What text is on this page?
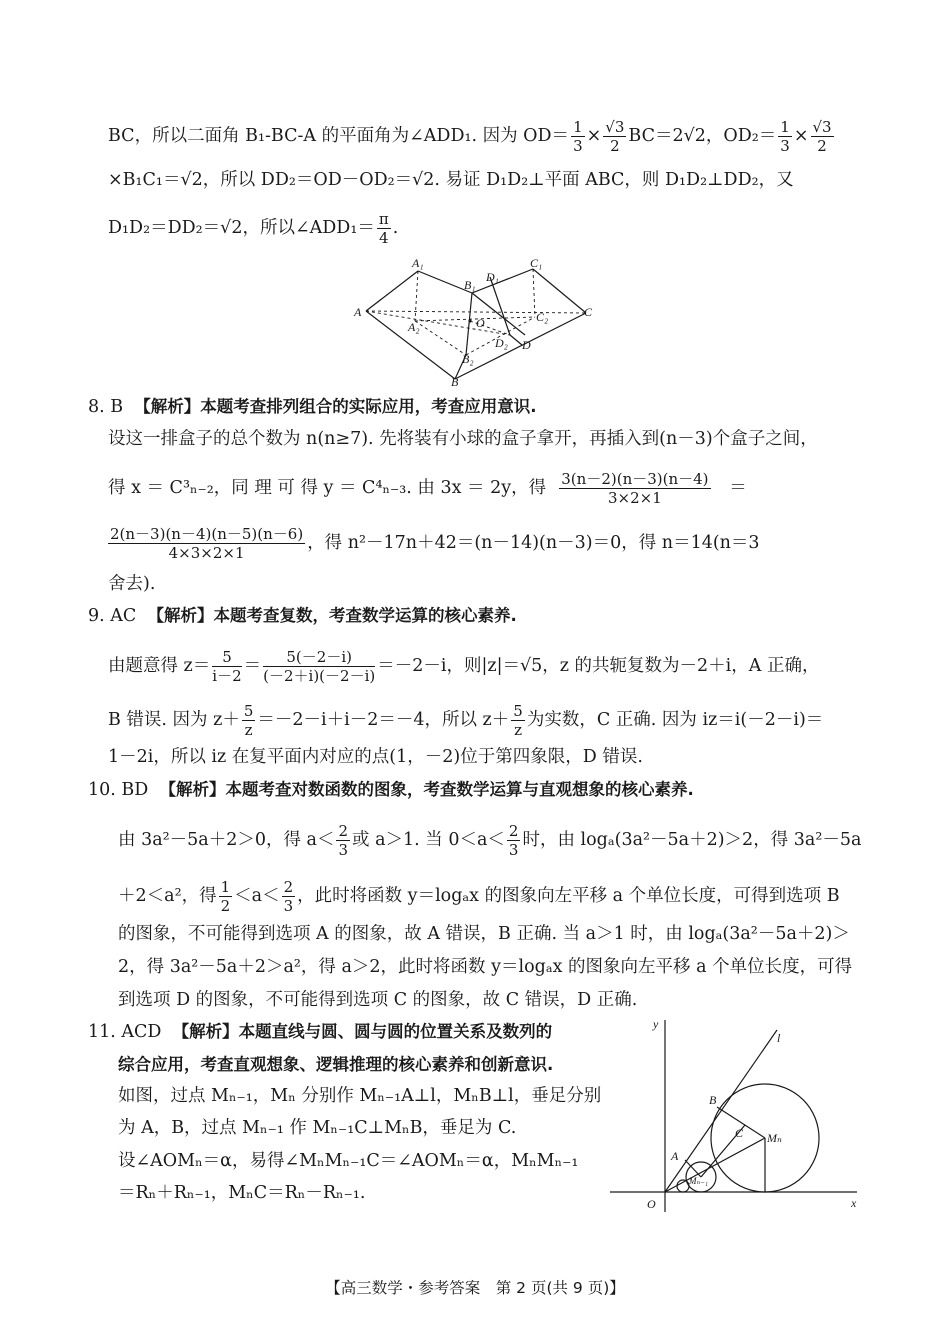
BC，所以二面角 B₁-BC-A 的平面角为∠ADD₁. 因为 $OD= \frac{1}{3} \times \frac{√3}{2} BC=2√2$，$OD_2= \frac{1}{3} \times \frac{√3}{2}$
×B₁C₁＝√2，所以 DD₂＝OD－OD₂＝√2. 易证 D₁D₂⊥平面 ABC，则 D₁D₂⊥DD₂，又
D₁D₂＝DD₂＝√2，所以∠ADD₁＝ $\frac{\pi}{4}$ .
A₁
B₁
D₁
C₁
A	C
A₂	O	C₂
D₂ D
B₂
B
8. B 【解析】本题考查排列组合的实际应用，考查应用意识.
设这一排盒子的总个数为 n(n≥7). 先将装有小球的盒子拿开，再插入到(n－3)个盒子之间，
得 x ＝ C³ₙ₋₂，同 理 可 得 y ＝ C⁴ₙ₋₃. 由 3x ＝ 2y，得 $\frac{3(n-2)(n-3)(n-4)}{3\times 2\times 1}$ ＝
$\frac{2(n-3)(n-4)(n-5)(n-6)}{4\times 3\times 2\times 1}$ ，得 n²－17n＋42＝(n－14)(n－3)＝0，得 n＝14(n＝3
舍去).
9. AC 【解析】本题考查复数，考查数学运算的核心素养.
由题意得 $z= \frac{5}{i-2} = \frac{5(-2-i)}{(-2+i)(-2-i)} =-2-i$，则|z|＝√5，z 的共轭复数为－2＋i，A 正确，
B 错误. 因为 $z+ \frac{5}{z} =-2-i+i-2=-4$，所以 $z+ \frac{5}{z}$ 为实数，C 正确. 因为 iz＝i(－2－i)＝
1－2i，所以 iz 在复平面内对应的点(1，－2)位于第四象限，D 错误.
10. BD 【解析】本题考查对数函数的图象，考查数学运算与直观想象的核心素养.
由 3a²－5a＋2＞0，得 $a< \frac{2}{3}$ 或 a＞1. 当 $0<a< \frac{2}{3}$ 时，由 logₐ(3a²－5a＋2)＞2，得 3a²－5a
＋2＜a²，得 $\frac{1}{2} <a< \frac{2}{3}$ ，此时将函数 y＝logₐx 的图象向左平移 a 个单位长度，可得到选项 B
的图象，不可能得到选项 A 的图象，故 A 错误，B 正确. 当 a＞1 时，由 logₐ(3a²－5a＋2)＞
2，得 3a²－5a＋2＞a²，得 a＞2，此时将函数 y＝logₐx 的图象向左平移 a 个单位长度，可得
到选项 D 的图象，不可能得到选项 C 的图象，故 C 错误，D 正确.
11. ACD 【解析】本题直线与圆、圆与圆的位置关系及数列的
综合应用，考查直观想象、逻辑推理的核心素养和创新意识.
如图，过点 Mₙ₋₁，Mₙ 分别作 Mₙ₋₁A⊥l，MₙB⊥l，垂足分别
为 A，B，过点 Mₙ₋₁ 作 Mₙ₋₁C⊥MₙB，垂足为 C.
设∠AOMₙ＝α，易得∠MₙMₙ₋₁C＝∠AOMₙ＝α，MₙMₙ₋₁
＝Rₙ＋Rₙ₋₁，MₙC＝Rₙ－Rₙ₋₁.
y
l
B
C Mₙ
A
Mₙ₋₁
O	x
【高三数学・参考答案　第 2 页(共 9 页)】
